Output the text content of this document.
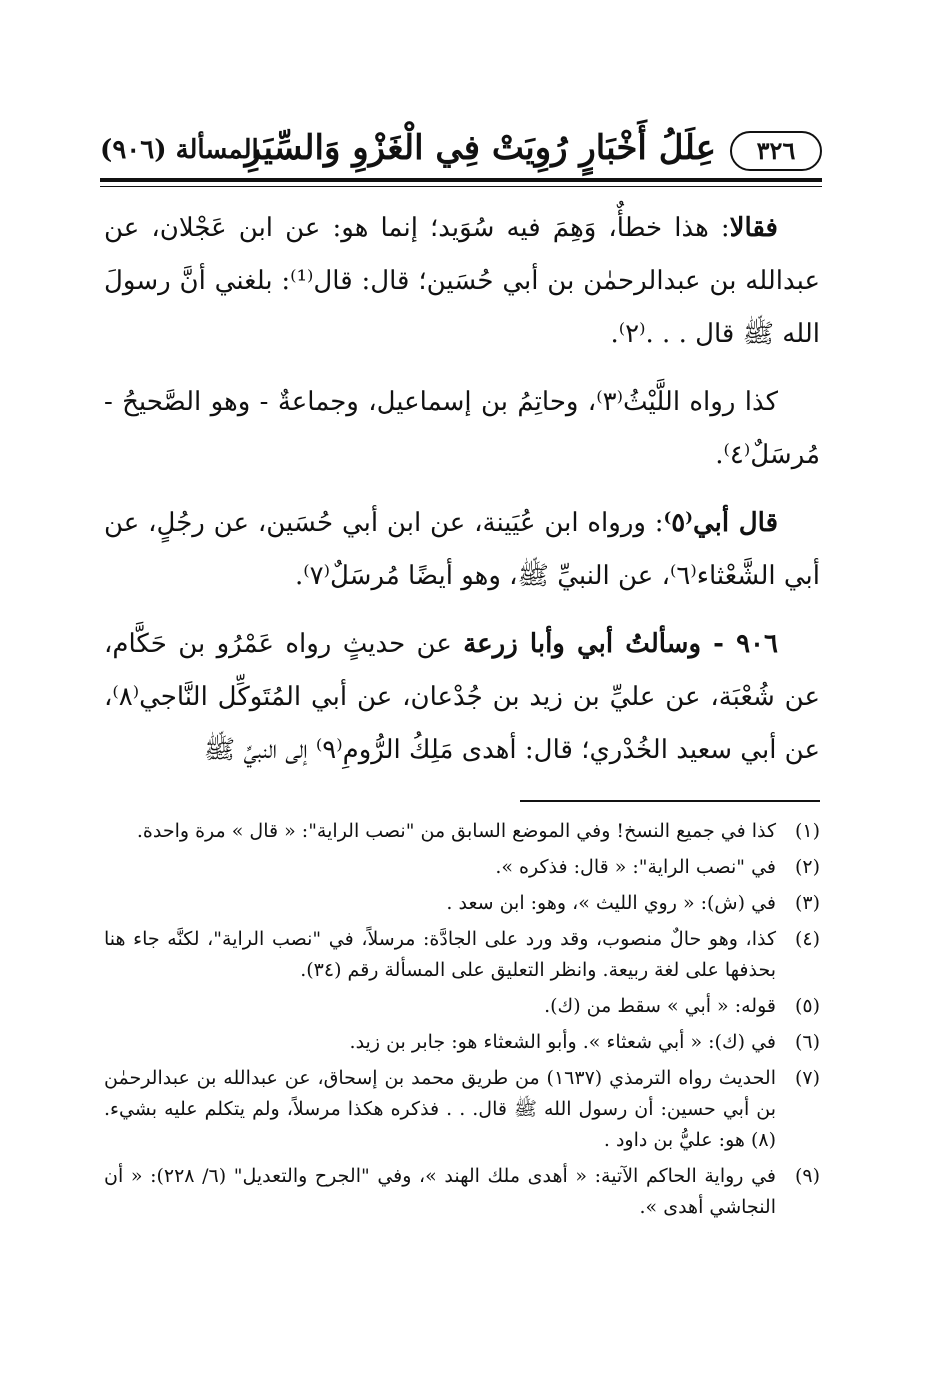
٣٢٦
عِلَلُ أَخْبَارٍ رُوِيَتْ فِي الْغَزْوِ وَالسِّيَرِ
المسألة (٩٠٦)

فقالا: هذا خطأٌ، وَهِمَ فيه سُوَيد؛ إنما هو: عن ابن عَجْلان، عن عبدالله بن عبدالرحمٰن بن أبي حُسَين؛ قال: قال⁽¹⁾: بلغني أنَّ رسولَ الله ﷺ قال . . .⁽٢⁾.

كذا رواه اللَّيْثُ⁽٣⁾، وحاتِمُ بن إسماعيل، وجماعةٌ - وهو الصَّحيحُ - مُرسَلٌ⁽٤⁾.

قال أبي⁽٥⁾: ورواه ابن عُيَينة، عن ابن أبي حُسَين، عن رجُلٍ، عن أبي الشَّعْثاء⁽٦⁾، عن النبيِّ ﷺ، وهو أيضًا مُرسَلٌ⁽٧⁾.

٩٠٦ - وسألتُ أبي وأبا زرعة عن حديثٍ رواه عَمْرُو بن حَكَّام، عن شُعْبَة، عن عليِّ بن زيد بن جُدْعان، عن أبي المُتَوكِّل النَّاجي⁽٨⁾، عن أبي سعيد الخُدْري؛ قال: أهدى مَلِكُ الرُّومِ⁽٩⁾ إلى النبيِّ ﷺ

(١)
كذا في جميع النسخ! وفي الموضع السابق من "نصب الراية": « قال » مرة واحدة.
(٢)
في "نصب الراية": « قال: فذكره ».
(٣)
في (ش): « روي الليث »، وهو: ابن سعد .
(٤)
كذا، وهو حالٌ منصوب، وقد ورد على الجادَّة: مرسلاً، في "نصب الراية"، لكنَّه جاء هنا بحذفها على لغة ربيعة. وانظر التعليق على المسألة رقم (٣٤).
(٥)
قوله: « أبي » سقط من (ك).
(٦)
في (ك): « أبي شعثاء ». وأبو الشعثاء هو: جابر بن زيد.
(٧)
الحديث رواه الترمذي (١٦٣٧) من طريق محمد بن إسحاق، عن عبدالله بن عبدالرحمٰن بن أبي حسين: أن رسول الله ﷺ قال. . . فذكره هكذا مرسلاً، ولم يتكلم عليه بشيء. (٨) هو: عليُّ بن داود .
(٩)
في رواية الحاكم الآتية: « أهدى ملك الهند »، وفي "الجرح والتعديل" (٦/ ٢٢٨): « أن النجاشي أهدى ».
